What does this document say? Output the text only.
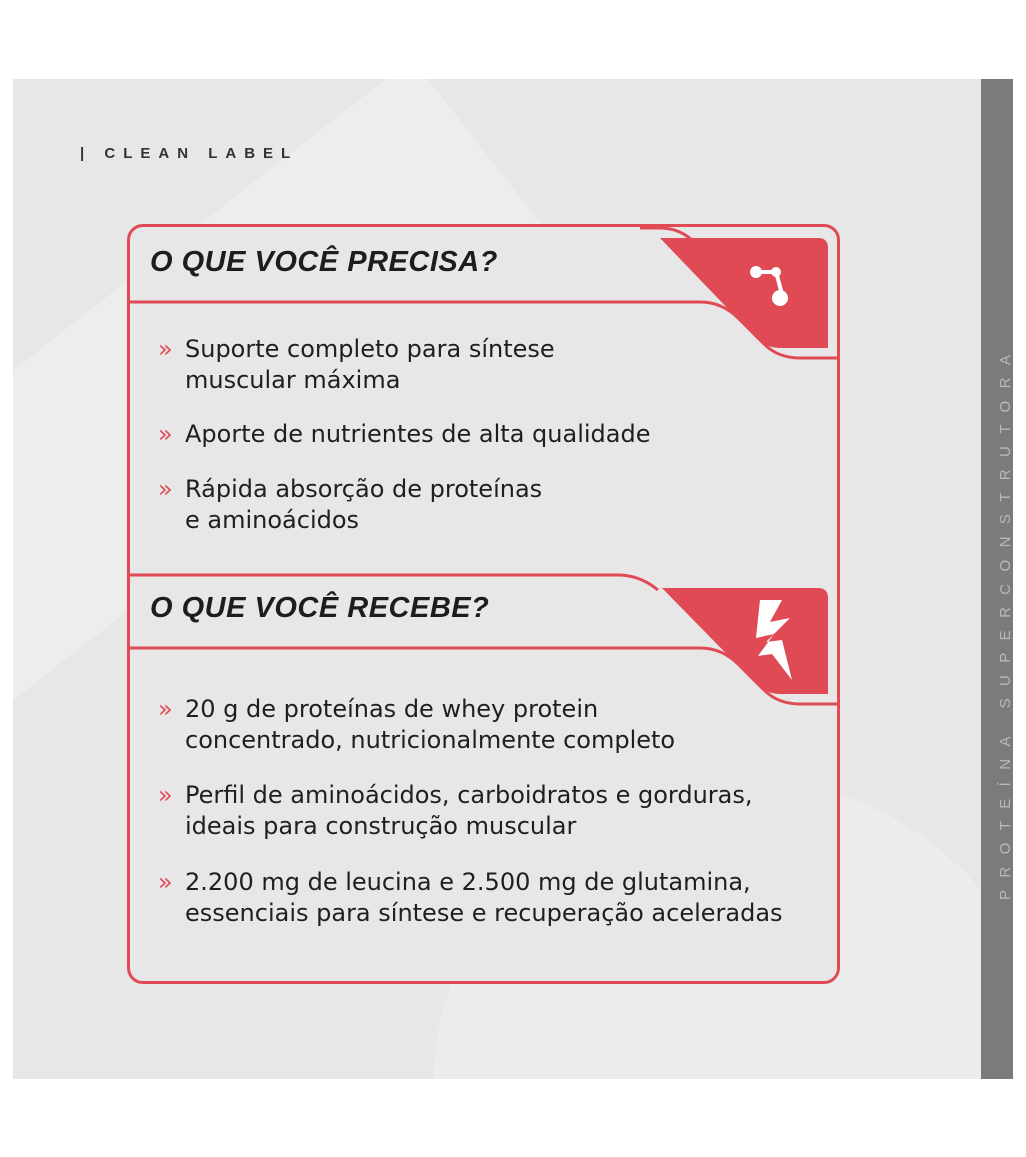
PROTEÍNA SUPERCONSTRUTORA
| CLEAN LABEL
O QUE VOCÊ PRECISA?
» Suporte completo para síntese
muscular máxima
» Aporte de nutrientes de alta qualidade
» Rápida absorção de proteínas
e aminoácidos
O QUE VOCÊ RECEBE?
» 20 g de proteínas de whey protein
concentrado, nutricionalmente completo
» Perfil de aminoácidos, carboidratos e gorduras,
ideais para construção muscular
» 2.200 mg de leucina e 2.500 mg de glutamina,
essenciais para síntese e recuperação aceleradas
